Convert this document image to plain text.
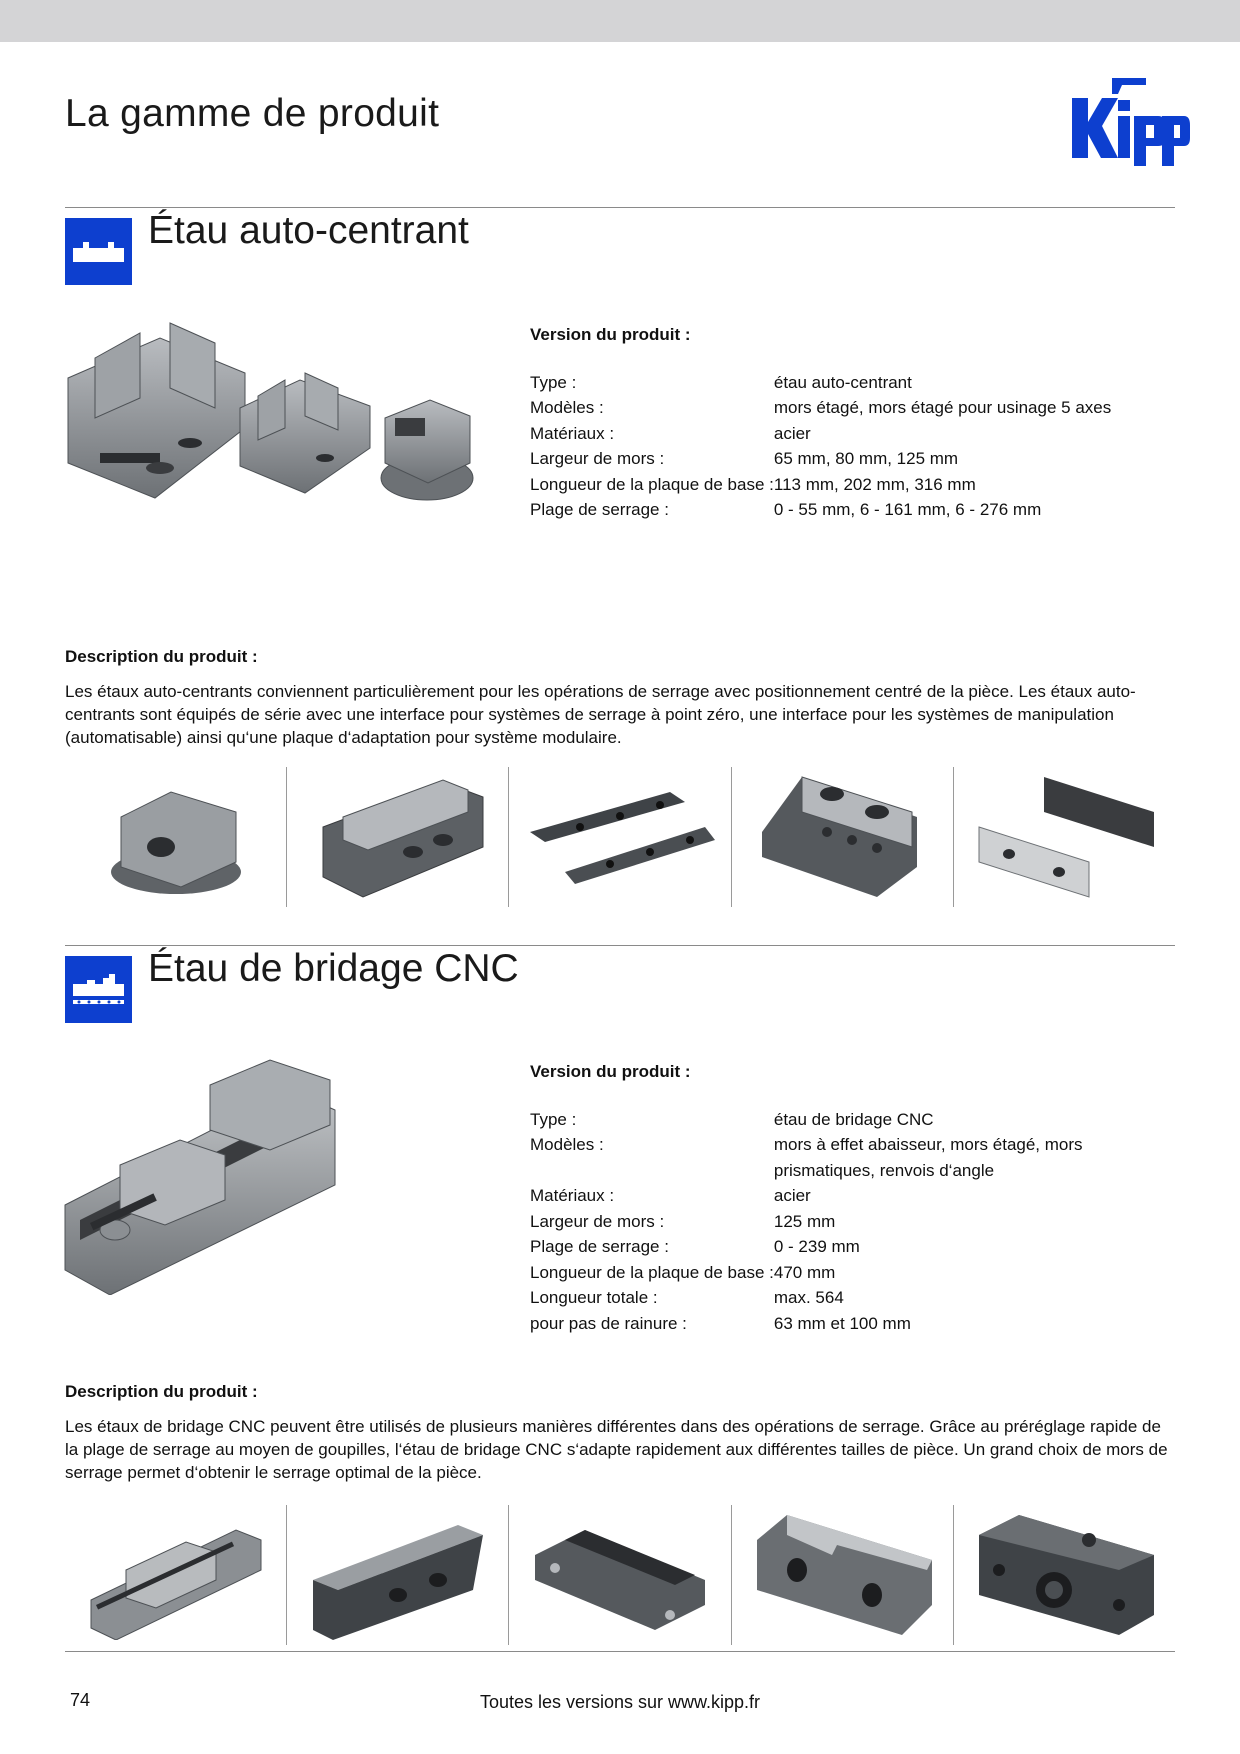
La gamme de produit
Étau auto-centrant
Version du produit :
Type :	étau auto-centrant
Modèles :	mors étagé, mors étagé pour usinage 5 axes
Matériaux :	acier
Largeur de mors :	65 mm, 80 mm, 125 mm
Longueur de la plaque de base :	113 mm, 202 mm, 316 mm
Plage de serrage :	0 - 55 mm, 6 - 161 mm, 6 - 276 mm
Description du produit :

Les étaux auto-centrants conviennent particulièrement pour les opérations de serrage avec positionnement centré de la pièce. Les étaux auto-centrants sont équipés de série avec une interface pour systèmes de serrage à point zéro, une interface pour les systèmes de manipulation (automatisable) ainsi qu‘une plaque d‘adaptation pour système modulaire.

Étau de bridage CNC
Version du produit :
Type :	étau de bridage CNC
Modèles :	mors à effet abaisseur, mors étagé, mors prismatiques, renvois d‘angle
Matériaux :	acier
Largeur de mors :	125 mm
Plage de serrage :	0 - 239 mm
Longueur de la plaque de base :	470 mm
Longueur totale :	max. 564
pour pas de rainure :	63 mm et 100 mm
Description du produit :

Les étaux de bridage CNC peuvent être utilisés de plusieurs manières différentes dans des opérations de serrage. Grâce au préréglage rapide de la plage de serrage au moyen de goupilles, l‘étau de bridage CNC s‘adapte rapidement aux différentes tailles de pièce. Un grand choix de mors de serrage permet d‘obtenir le serrage optimal de la pièce.

74	Toutes les versions sur www.kipp.fr
